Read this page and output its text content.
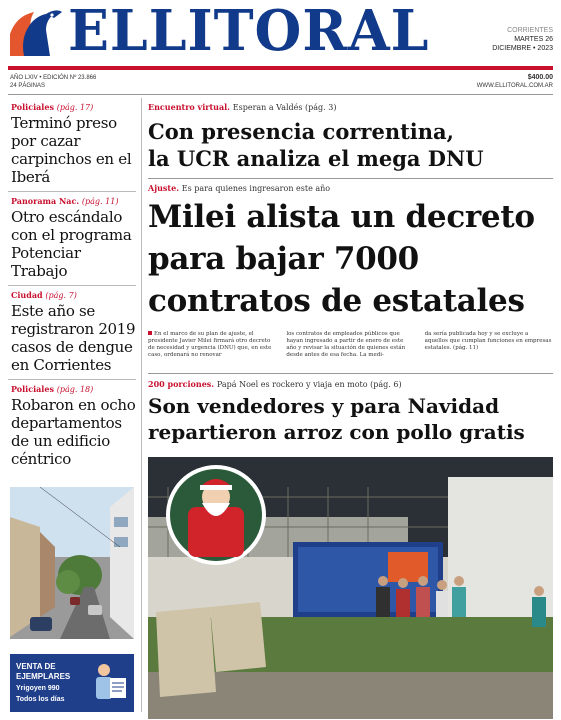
ELLITORAL	CORRIENTES
MARTES 26
DICIEMBRE • 2023
AÑO LXIV • EDICIÓN Nº 23.866
24 PÁGINAS
$400.00
WWW.ELLITORAL.COM.AR
Policiales (pág. 17)
Terminó preso por cazar carpinchos en el Iberá
Panorama Nac. (pág. 11)
Otro escándalo con el programa Potenciar Trabajo
Ciudad (pág. 7)
Este año se registraron 2019 casos de dengue en Corrientes
Policiales (pág. 18)
Robaron en ocho departamentos de un edificio céntrico
VENTA DE
EJEMPLARES
Yrigoyen 990
Todos los días
Encuentro virtual. Esperan a Valdés (pág. 3)
Con presencia correntina,
la UCR analiza el mega DNU
Ajuste. Es para quienes ingresaron este año
Milei alista un decreto
para bajar 7000
contratos de estatales
En el marco de su plan de ajuste, el presidente Javier Milei firmará otro decreto de necesidad y urgencia (DNU) que, en este caso, ordenará no renovar
los contratos de empleados públicos que hayan ingresado a partir de enero de este año y revisar la situación de quienes están desde antes de esa fecha. La medi-
da sería publicada hoy y se excluye a aquellos que cumplan funciones en empresas estatales. (pág. 11)
200 porciones. Papá Noel es rockero y viaja en moto (pág. 6)
Son vendedores y para Navidad
repartieron arroz con pollo gratis
